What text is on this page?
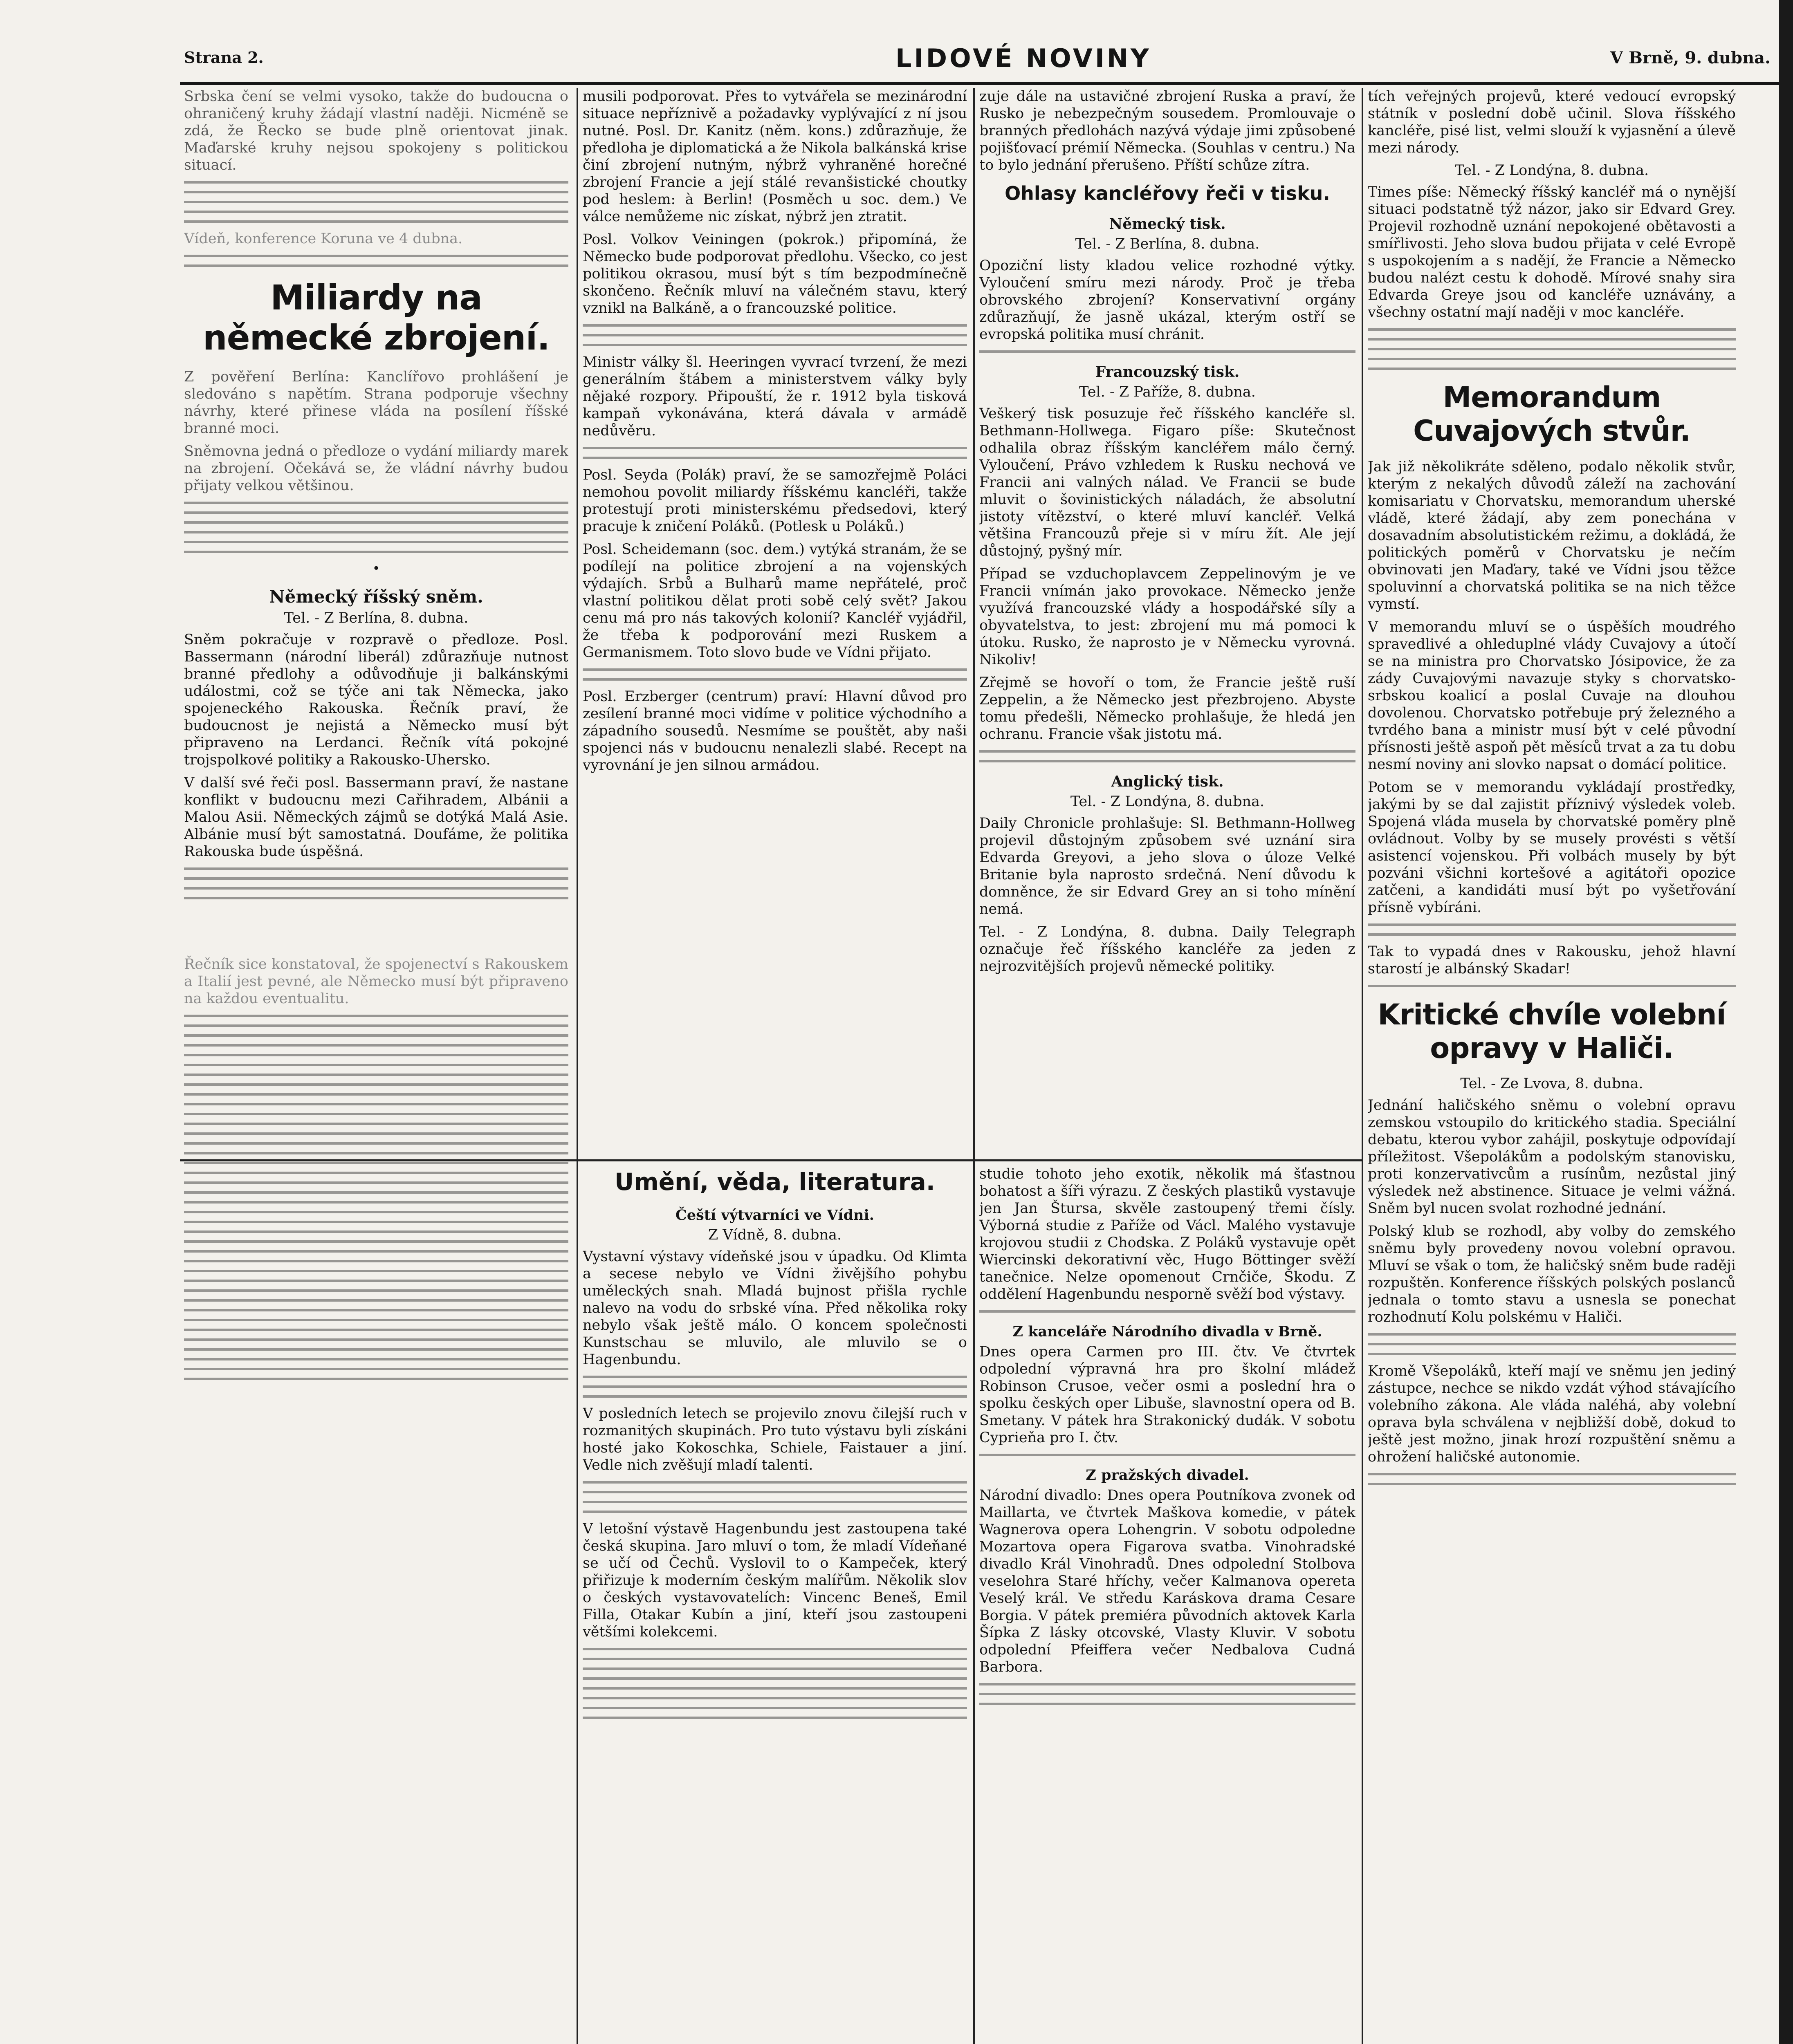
Strana 2.	LIDOVÉ NOVINY	V Brně, 9. dubna.

Srbska čení se velmi vysoko, takže do budoucna o ohraničený kruhy žádají vlastní naději. Nicméně se zdá, že Řecko se bude plně orientovat jinak. Maďarské kruhy nejsou spokojeny s politickou situací.

Vídeň, konference Koruna ve 4 dubna.

Miliardy na německé zbrojení.

Z pověření Berlína: Kanclířovo prohlášení je sledováno s napětím. Strana podporuje všechny návrhy, které přinese vláda na posílení říšské branné moci.

Sněmovna jedná o předloze o vydání miliardy marek na zbrojení. Očekává se, že vládní návrhy budou přijaty velkou většinou.

•
Německý říšský sněm.
Tel. - Z Berlína, 8. dubna.

Sněm pokračuje v rozpravě o předloze. Posl. Bassermann (národní liberál) zdůrazňuje nutnost branné předlohy a odůvodňuje ji balkánskými událostmi, což se týče ani tak Německa, jako spojeneckého Rakouska. Řečník praví, že budoucnost je nejistá a Německo musí být připraveno na Lerdanci. Řečník vítá pokojné trojspolkové politiky a Rakousko-Uhersko.

V další své řeči posl. Bassermann praví, že nastane konflikt v budoucnu mezi Cařihradem, Albánii a Malou Asii. Německých zájmů se dotýká Malá Asie. Albánie musí být samostatná. Doufáme, že politika Rakouska bude úspěšná.

Řečník sice konstatoval, že spojenectví s Rakouskem a Italií jest pevné, ale Německo musí být připraveno na každou eventualitu.

musili podporovat. Přes to vytvářela se mezinárodní situace nepříznivě a požadavky vyplývající z ní jsou nutné. Posl. Dr. Kanitz (něm. kons.) zdůrazňuje, že předloha je diplomatická a že Nikola balkánská krise činí zbrojení nutným, nýbrž vyhraněné horečné zbrojení Francie a její stálé revanšistické choutky pod heslem: à Berlin! (Posměch u soc. dem.) Ve válce nemůžeme nic získat, nýbrž jen ztratit.

Posl. Volkov Veiningen (pokrok.) připomíná, že Německo bude podporovat předlohu. Všecko, co jest politikou okrasou, musí být s tím bezpodmínečně skončeno. Řečník mluví na válečném stavu, který vznikl na Balkáně, a o francouzské politice.

Ministr války šl. Heeringen vyvrací tvrzení, že mezi generálním štábem a ministerstvem války byly nějaké rozpory. Připouští, že r. 1912 byla tisková kampaň vykonávána, která dávala v armádě nedůvěru.

Posl. Seyda (Polák) praví, že se samozřejmě Poláci nemohou povolit miliardy říšskému kancléři, takže protestují proti ministerskému předsedovi, který pracuje k zničení Poláků. (Potlesk u Poláků.)

Posl. Scheidemann (soc. dem.) vytýká stranám, že se podílejí na politice zbrojení a na vojenských výdajích. Srbů a Bulharů mame nepřátelé, proč vlastní politikou dělat proti sobě celý svět? Jakou cenu má pro nás takových kolonií? Kancléř vyjádřil, že třeba k podporování mezi Ruskem a Germanismem. Toto slovo bude ve Vídni přijato.

Posl. Erzberger (centrum) praví: Hlavní důvod pro zesílení branné moci vidíme v politice východního a západního sousedů. Nesmíme se pouštět, aby naši spojenci nás v budoucnu nenalezli slabé. Recept na vyrovnání je jen silnou armádou.

Umění, věda, literatura.
Čeští výtvarníci ve Vídni.
Z Vídně, 8. dubna.

Vystavní výstavy vídeňské jsou v úpadku. Od Klimta a secese nebylo ve Vídni živějšího pohybu uměleckých snah. Mladá bujnost přišla rychle nalevo na vodu do srbské vína. Před několika roky nebylo však ještě málo. O koncem společnosti Kunstschau se mluvilo, ale mluvilo se o Hagenbundu.

V posledních letech se projevilo znovu čilejší ruch v rozmanitých skupinách. Pro tuto výstavu byli získáni hosté jako Kokoschka, Schiele, Faistauer a jiní. Vedle nich zvěšují mladí talenti.

V letošní výstavě Hagenbundu jest zastoupena také česká skupina. Jaro mluví o tom, že mladí Vídeňané se učí od Čechů. Vyslovil to o Kampeček, který přiřizuje k moderním českým malířům. Několik slov o českých vystavovatelích: Vincenc Beneš, Emil Filla, Otakar Kubín a jiní, kteří jsou zastoupeni většími kolekcemi.

zuje dále na ustavičné zbrojení Ruska a praví, že Rusko je nebezpečným sousedem. Promlouvaje o branných předlohách nazývá výdaje jimi způsobené pojišťovací prémií Německa. (Souhlas v centru.) Na to bylo jednání přerušeno. Příští schůze zítra.

Ohlasy kancléřovy řeči v tisku.
Německý tisk.
Tel. - Z Berlína, 8. dubna.

Opoziční listy kladou velice rozhodné výtky. Vyloučení smíru mezi národy. Proč je třeba obrovského zbrojení? Konservativní orgány zdůrazňují, že jasně ukázal, kterým ostří se evropská politika musí chránit.

Francouzský tisk.
Tel. - Z Paříže, 8. dubna.

Veškerý tisk posuzuje řeč říšského kancléře sl. Bethmann-Hollwega. Figaro píše: Skutečnost odhalila obraz říšským kancléřem málo černý. Vyloučení, Právo vzhledem k Rusku nechová ve Francii ani valných nálad. Ve Francii se bude mluvit o šovinistických náladách, že absolutní jistoty vítězství, o které mluví kancléř. Velká většina Francouzů přeje si v míru žít. Ale její důstojný, pyšný mír.

Případ se vzduchoplavcem Zeppelinovým je ve Francii vnímán jako provokace. Německo jenže využívá francouzské vlády a hospodářské síly a obyvatelstva, to jest: zbrojení mu má pomoci k útoku. Rusko, že naprosto je v Německu vyrovná. Nikoliv!

Zřejmě se hovoří o tom, že Francie ještě ruší Zeppelin, a že Německo jest přezbrojeno. Abyste tomu předešli, Německo prohlašuje, že hledá jen ochranu. Francie však jistotu má.

Anglický tisk.
Tel. - Z Londýna, 8. dubna.

Daily Chronicle prohlašuje: Sl. Bethmann-Hollweg projevil důstojným způsobem své uznání sira Edvarda Greyovi, a jeho slova o úloze Velké Britanie byla naprosto srdečná. Není důvodu k domněnce, že sir Edvard Grey an si toho mínění nemá.

Tel. - Z Londýna, 8. dubna. Daily Telegraph označuje řeč říšského kancléře za jeden z nejrozvitějších projevů německé politiky.

studie tohoto jeho exotik, několik má šťastnou bohatost a šíři výrazu. Z českých plastiků vystavuje jen Jan Štursa, skvěle zastoupený třemi čísly. Výborná studie z Paříže od Václ. Malého vystavuje krojovou studii z Chodska. Z Poláků vystavuje opět Wiercinski dekorativní věc, Hugo Böttinger svěží tanečnice. Nelze opomenout Crnčiče, Škodu. Z oddělení Hagenbundu nesporně svěží bod výstavy.

Z kanceláře Národního divadla v Brně.

Dnes opera Carmen pro III. čtv. Ve čtvrtek odpolední výpravná hra pro školní mládež Robinson Crusoe, večer osmi a poslední hra o spolku českých oper Libuše, slavnostní opera od B. Smetany. V pátek hra Strakonický dudák. V sobotu Cyprieňa pro I. čtv.

Z pražských divadel.

Národní divadlo: Dnes opera Poutníkova zvonek od Maillarta, ve čtvrtek Maškova komedie, v pátek Wagnerova opera Lohengrin. V sobotu odpoledne Mozartova opera Figarova svatba. Vinohradské divadlo Král Vinohradů. Dnes odpolední Stolbova veselohra Staré hříchy, večer Kalmanova opereta Veselý král. Ve středu Karáskova drama Cesare Borgia. V pátek premiéra původních aktovek Karla Šípka Z lásky otcovské, Vlasty Kluvir. V sobotu odpolední Pfeiffera večer Nedbalova Cudná Barbora.

tích veřejných projevů, které vedoucí evropský státník v poslední době učinil. Slova říšského kancléře, pisé list, velmi slouží k vyjasnění a úlevě mezi národy.

Tel. - Z Londýna, 8. dubna.

Times píše: Německý říšský kancléř má o nynější situaci podstatně týž názor, jako sir Edvard Grey. Projevil rozhodně uznání nepokojené obětavosti a smířlivosti. Jeho slova budou přijata v celé Evropě s uspokojením a s nadějí, že Francie a Německo budou nalézt cestu k dohodě. Mírové snahy sira Edvarda Greye jsou od kancléře uznávány, a všechny ostatní mají naději v moc kancléře.

Memorandum Cuvajových stvůr.

Jak již několikráte sděleno, podalo několik stvůr, kterým z nekalých důvodů záleží na zachování komisariatu v Chorvatsku, memorandum uherské vládě, které žádají, aby zem ponechána v dosavadním absolutistickém režimu, a dokládá, že politických poměrů v Chorvatsku je nečím obvinovati jen Maďary, také ve Vídni jsou těžce spoluvinní a chorvatská politika se na nich těžce vymstí.

V memorandu mluví se o úspěších moudrého spravedlivé a ohleduplné vlády Cuvajovy a útočí se na ministra pro Chorvatsko Jósipovice, že za zády Cuvajovými navazuje styky s chorvatsko-srbskou koalicí a poslal Cuvaje na dlouhou dovolenou. Chorvatsko potřebuje prý železného a tvrdého bana a ministr musí být v celé původní přísnosti ještě aspoň pět měsíců trvat a za tu dobu nesmí noviny ani slovko napsat o domácí politice.

Potom se v memorandu vykládají prostředky, jakými by se dal zajistit příznivý výsledek voleb. Spojená vláda musela by chorvatské poměry plně ovládnout. Volby by se musely provésti s větší asistencí vojenskou. Při volbách musely by být pozváni všichni kortešové a agitátoři opozice zatčeni, a kandidáti musí být po vyšetřování přísně vybíráni.

Tak to vypadá dnes v Rakousku, jehož hlavní starostí je albánský Skadar!

Kritické chvíle volební opravy v Haliči.
Tel. - Ze Lvova, 8. dubna.

Jednání haličského sněmu o volební opravu zemskou vstoupilo do kritického stadia. Speciální debatu, kterou vybor zahájil, poskytuje odpovídají příležitost. Všepolákům a podolským stanovisku, proti konzervativcům a rusínům, nezůstal jiný výsledek než abstinence. Situace je velmi vážná. Sněm byl nucen svolat rozhodné jednání.

Polský klub se rozhodl, aby volby do zemského sněmu byly provedeny novou volební opravou. Mluví se však o tom, že haličský sněm bude raději rozpuštěn. Konference říšských polských poslanců jednala o tomto stavu a usnesla se ponechat rozhodnutí Kolu polskému v Haliči.

Kromě Všepoláků, kteří mají ve sněmu jen jediný zástupce, nechce se nikdo vzdát výhod stávajícího volebního zákona. Ale vláda naléhá, aby volební oprava byla schválena v nejbližší době, dokud to ještě jest možno, jinak hrozí rozpuštění sněmu a ohrožení haličské autonomie.
